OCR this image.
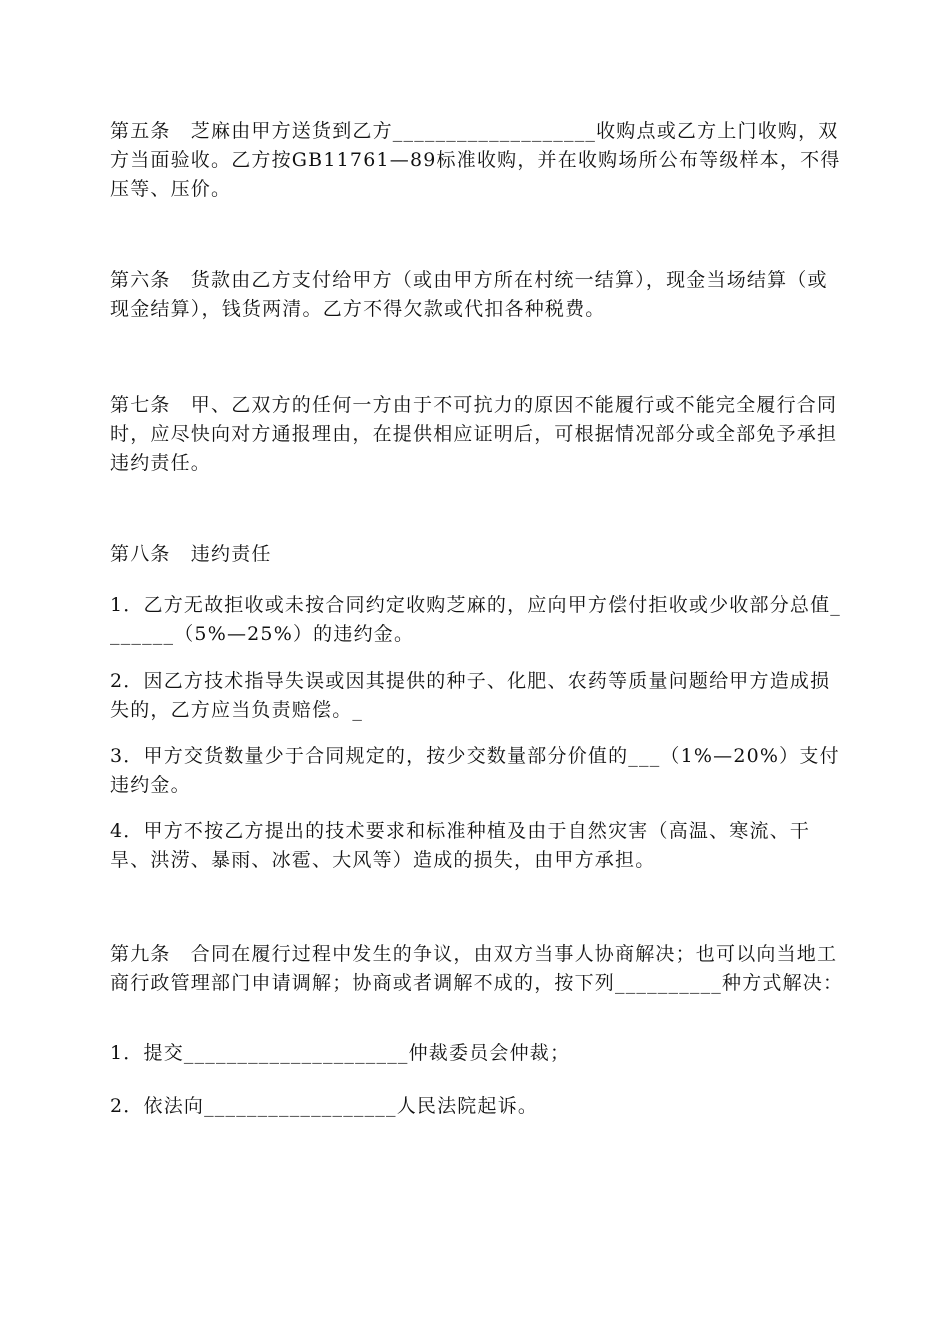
第五条　芝麻由甲方送货到乙方___________________收购点或乙方上门收购，双方当面验收。乙方按GB11761—89标准收购，并在收购场所公布等级样本，不得压等、压价。

第六条　货款由乙方支付给甲方（或由甲方所在村统一结算），现金当场结算（或现金结算），钱货两清。乙方不得欠款或代扣各种税费。

第七条　甲、乙双方的任何一方由于不可抗力的原因不能履行或不能完全履行合同时，应尽快向对方通报理由，在提供相应证明后，可根据情况部分或全部免予承担违约责任。

第八条　违约责任

1．乙方无故拒收或未按合同约定收购芝麻的，应向甲方偿付拒收或少收部分总值_______（5%—25%）的违约金。

2．因乙方技术指导失误或因其提供的种子、化肥、农药等质量问题给甲方造成损失的，乙方应当负责赔偿。_

3．甲方交货数量少于合同规定的，按少交数量部分价值的___（1%—20%）支付违约金。

4．甲方不按乙方提出的技术要求和标准种植及由于自然灾害（高温、寒流、干旱、洪涝、暴雨、冰雹、大风等）造成的损失，由甲方承担。

第九条　合同在履行过程中发生的争议，由双方当事人协商解决；也可以向当地工商行政管理部门申请调解；协商或者调解不成的，按下列__________种方式解决：

1．提交_____________________仲裁委员会仲裁；

2．依法向__________________人民法院起诉。
